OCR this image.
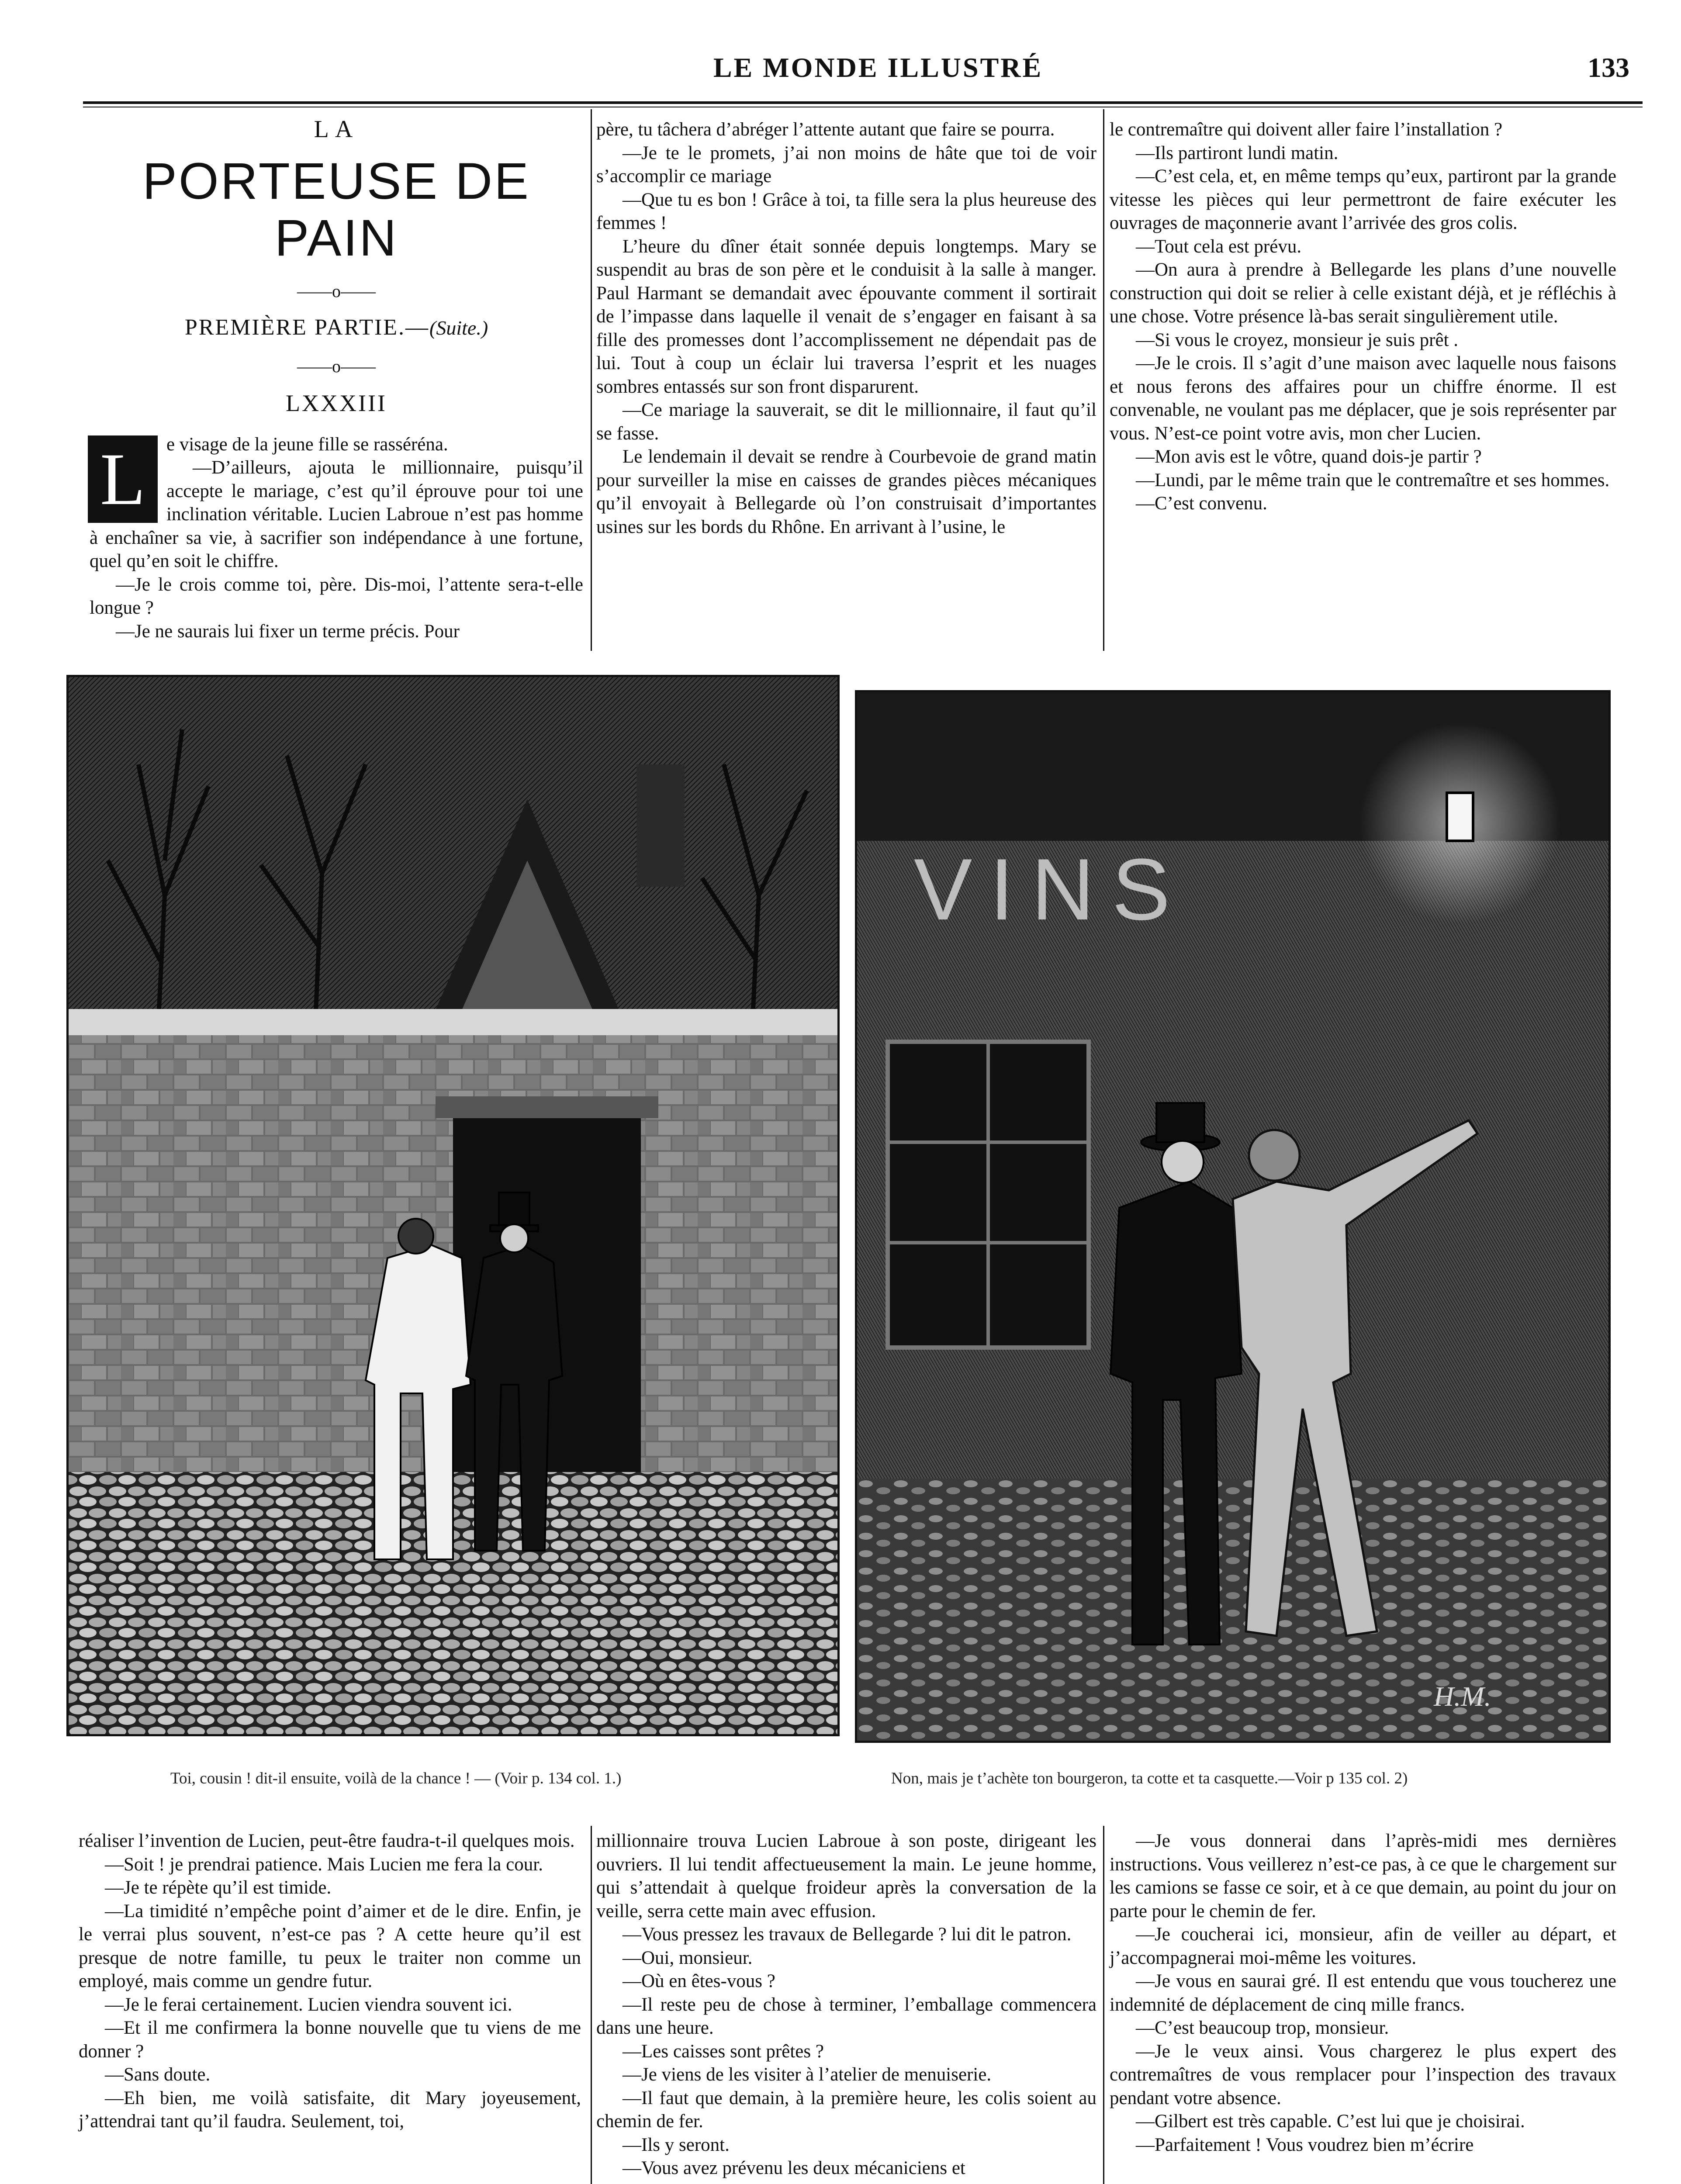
LE MONDE ILLUSTRÉ	133

LA

PORTEUSE DE PAIN

——o——

PREMIÈRE PARTIE.—(Suite.)

——o——

LXXXIII

L	e visage de la jeune fille se rasséréna.

—D’ailleurs, ajouta le millionnaire, puisqu’il accepte le mariage, c’est qu’il éprouve pour toi une inclination véritable. Lucien Labroue n’est pas homme à enchaîner sa vie, à sacrifier son indépendance à une fortune, quel qu’en soit le chiffre.

—Je le crois comme toi, père. Dis-moi, l’attente sera-t-elle longue ?

—Je ne saurais lui fixer un terme précis. Pour

père, tu tâchera d’abréger l’attente autant que faire se pourra.

—Je te le promets, j’ai non moins de hâte que toi de voir s’accomplir ce mariage

—Que tu es bon ! Grâce à toi, ta fille sera la plus heureuse des femmes !

L’heure du dîner était sonnée depuis longtemps. Mary se suspendit au bras de son père et le conduisit à la salle à manger. Paul Harmant se demandait avec épouvante comment il sortirait de l’impasse dans laquelle il venait de s’engager en faisant à sa fille des promesses dont l’accomplissement ne dépendait pas de lui. Tout à coup un éclair lui traversa l’esprit et les nuages sombres entassés sur son front disparurent.

—Ce mariage la sauverait, se dit le millionnaire, il faut qu’il se fasse.

Le lendemain il devait se rendre à Courbevoie de grand matin pour surveiller la mise en caisses de grandes pièces mécaniques qu’il envoyait à Bellegarde où l’on construisait d’importantes usines sur les bords du Rhône. En arrivant à l’usine, le

le contremaître qui doivent aller faire l’installation ?

—Ils partiront lundi matin.

—C’est cela, et, en même temps qu’eux, partiront par la grande vitesse les pièces qui leur permettront de faire exécuter les ouvrages de maçonnerie avant l’arrivée des gros colis.

—Tout cela est prévu.

—On aura à prendre à Bellegarde les plans d’une nouvelle construction qui doit se relier à celle existant déjà, et je réfléchis à une chose. Votre présence là-bas serait singulièrement utile.

—Si vous le croyez, monsieur je suis prêt .

—Je le crois. Il s’agit d’une maison avec laquelle nous faisons et nous ferons des affaires pour un chiffre énorme. Il est convenable, ne voulant pas me déplacer, que je sois représenter par vous. N’est-ce point votre avis, mon cher Lucien.

—Mon avis est le vôtre, quand dois-je partir ?

—Lundi, par le même train que le contremaître et ses hommes.

—C’est convenu.

VINS
H.M.
Toi, cousin ! dit-il ensuite, voilà de la chance ! — (Voir p. 134 col. 1.)	Non, mais je t’achète ton bourgeron, ta cotte et ta casquette.—Voir p 135 col. 2)

réaliser l’invention de Lucien, peut-être faudra-t-il quelques mois.

—Soit ! je prendrai patience. Mais Lucien me fera la cour.

—Je te répète qu’il est timide.

—La timidité n’empêche point d’aimer et de le dire. Enfin, je le verrai plus souvent, n’est-ce pas ? A cette heure qu’il est presque de notre famille, tu peux le traiter non comme un employé, mais comme un gendre futur.

—Je le ferai certainement. Lucien viendra souvent ici.

—Et il me confirmera la bonne nouvelle que tu viens de me donner ?

—Sans doute.

—Eh bien, me voilà satisfaite, dit Mary joyeusement, j’attendrai tant qu’il faudra. Seulement, toi,

millionnaire trouva Lucien Labroue à son poste, dirigeant les ouvriers. Il lui tendit affectueusement la main. Le jeune homme, qui s’attendait à quelque froideur après la conversation de la veille, serra cette main avec effusion.

—Vous pressez les travaux de Bellegarde ? lui dit le patron.

—Oui, monsieur.

—Où en êtes-vous ?

—Il reste peu de chose à terminer, l’emballage commencera dans une heure.

—Les caisses sont prêtes ?

—Je viens de les visiter à l’atelier de menuiserie.

—Il faut que demain, à la première heure, les colis soient au chemin de fer.

—Ils y seront.

—Vous avez prévenu les deux mécaniciens et

—Je vous donnerai dans l’après-midi mes dernières instructions. Vous veillerez n’est-ce pas, à ce que le chargement sur les camions se fasse ce soir, et à ce que demain, au point du jour on parte pour le chemin de fer.

—Je coucherai ici, monsieur, afin de veiller au départ, et j’accompagnerai moi-même les voitures.

—Je vous en saurai gré. Il est entendu que vous toucherez une indemnité de déplacement de cinq mille francs.

—C’est beaucoup trop, monsieur.

—Je le veux ainsi. Vous chargerez le plus expert des contremaîtres de vous remplacer pour l’inspection des travaux pendant votre absence.

—Gilbert est très capable. C’est lui que je choisirai.

—Parfaitement ! Vous voudrez bien m’écrire
